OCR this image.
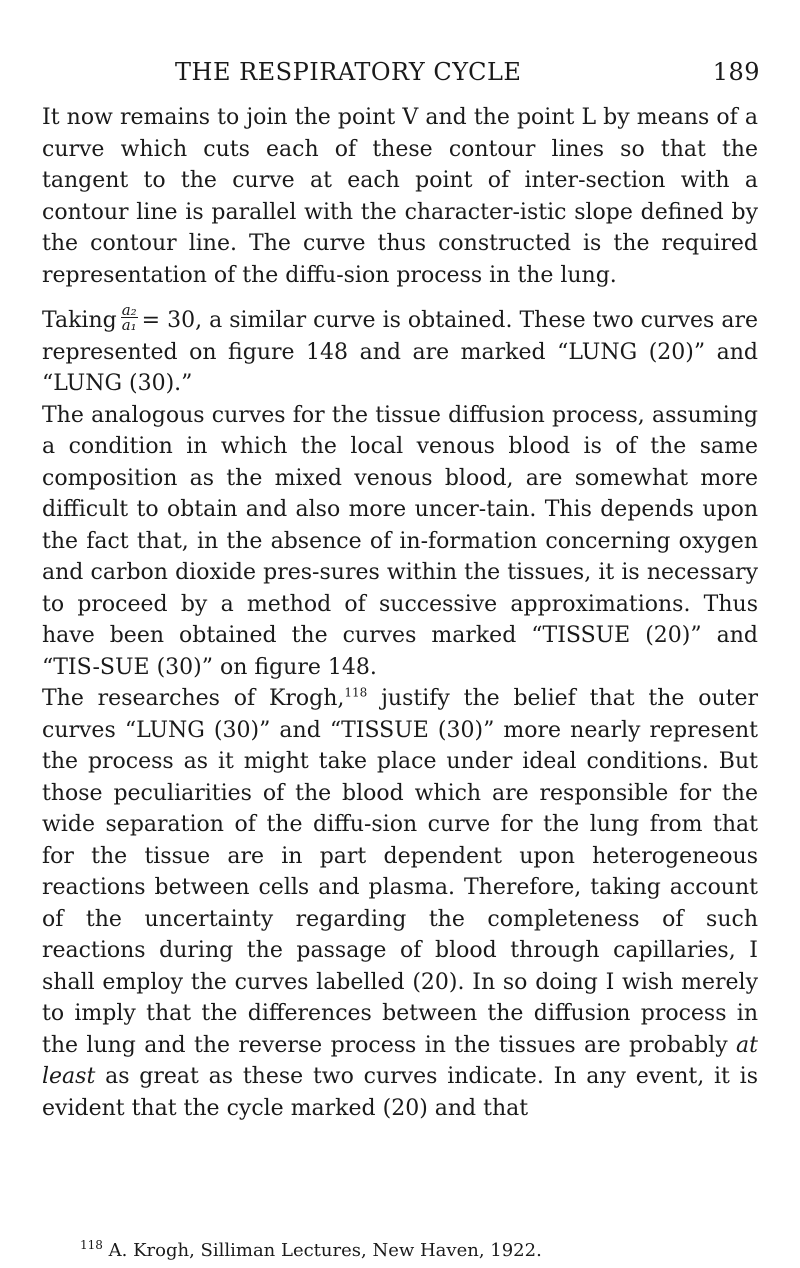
THE RESPIRATORY CYCLE	189

It now remains to join the point V and the point L by means of a curve which cuts each of these contour lines so that the tangent to the curve at each point of inter-section with a contour line is parallel with the character-istic slope defined by the contour line. The curve thus constructed is the required representation of the diffu-sion process in the lung.

Taking $\frac{\text{a₂}}{\text{a₁}} = 30$, a similar curve is obtained. These two curves are represented on figure 148 and are marked “LUNG (20)” and “LUNG (30).”

The analogous curves for the tissue diffusion process, assuming a condition in which the local venous blood is of the same composition as the mixed venous blood, are somewhat more difficult to obtain and also more uncer-tain. This depends upon the fact that, in the absence of in-formation concerning oxygen and carbon dioxide pres-sures within the tissues, it is necessary to proceed by a method of successive approximations. Thus have been obtained the curves marked “TISSUE (20)” and “TIS-SUE (30)” on figure 148.

The researches of Krogh,$^{118}$ justify the belief that the outer curves “LUNG (30)” and “TISSUE (30)” more nearly represent the process as it might take place under ideal conditions. But those peculiarities of the blood which are responsible for the wide separation of the diffu-sion curve for the lung from that for the tissue are in part dependent upon heterogeneous reactions between cells and plasma. Therefore, taking account of the uncertainty regarding the completeness of such reactions during the passage of blood through capillaries, I shall employ the curves labelled (20). In so doing I wish merely to imply that the differences between the diffusion process in the lung and the reverse process in the tissues are probably at least as great as these two curves indicate. In any event, it is evident that the cycle marked (20) and that

$^{118}$ A. Krogh, Silliman Lectures, New Haven, 1922.
